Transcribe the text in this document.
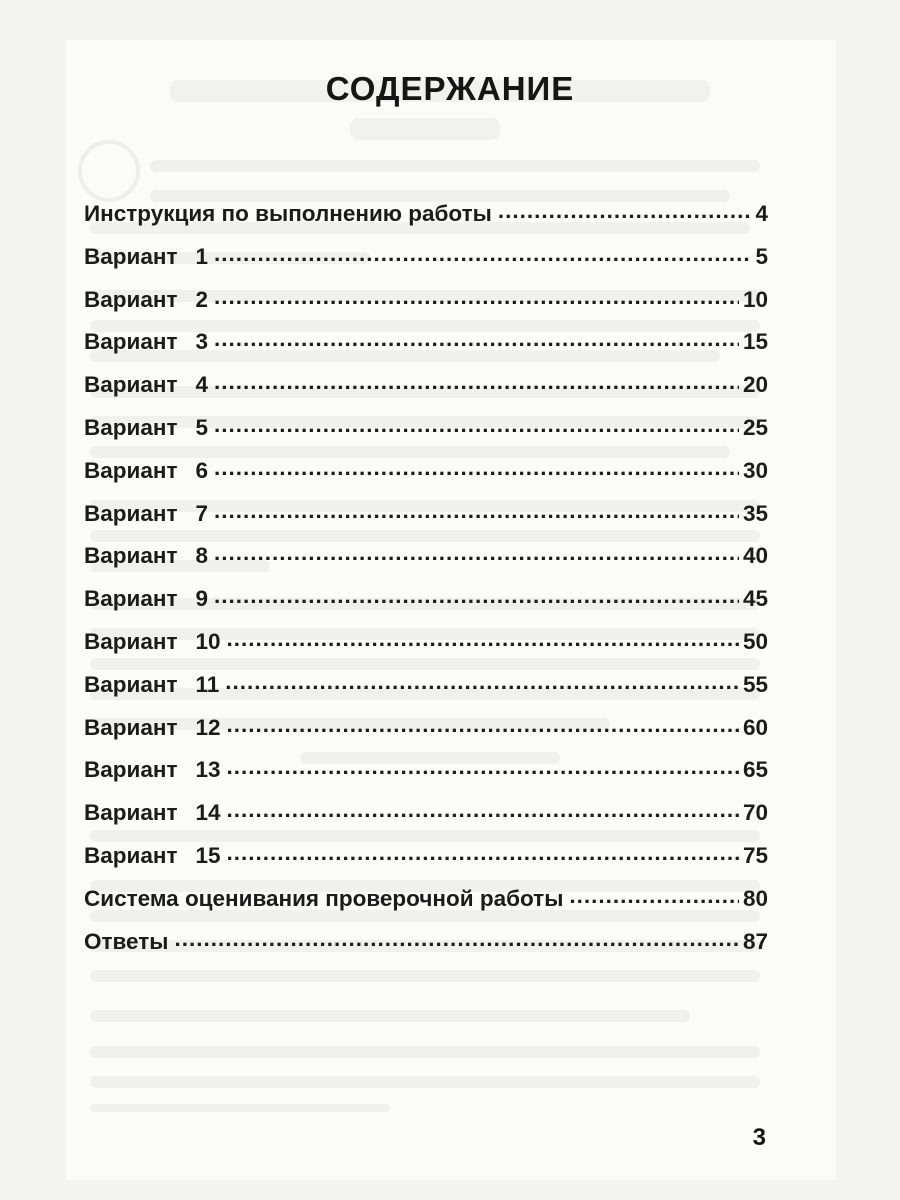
СОДЕРЖАНИЕ
Инструкция по выполнению работы .....	4
Вариант 1 .....	5
Вариант 2 .....	10
Вариант 3 .....	15
Вариант 4 .....	20
Вариант 5 .....	25
Вариант 6 .....	30
Вариант 7 .....	35
Вариант 8 .....	40
Вариант 9 .....	45
Вариант 10 .....	50
Вариант 11 .....	55
Вариант 12 .....	60
Вариант 13 .....	65
Вариант 14 .....	70
Вариант 15 .....	75
Система оценивания проверочной работы .....	80
Ответы .....	87
3
